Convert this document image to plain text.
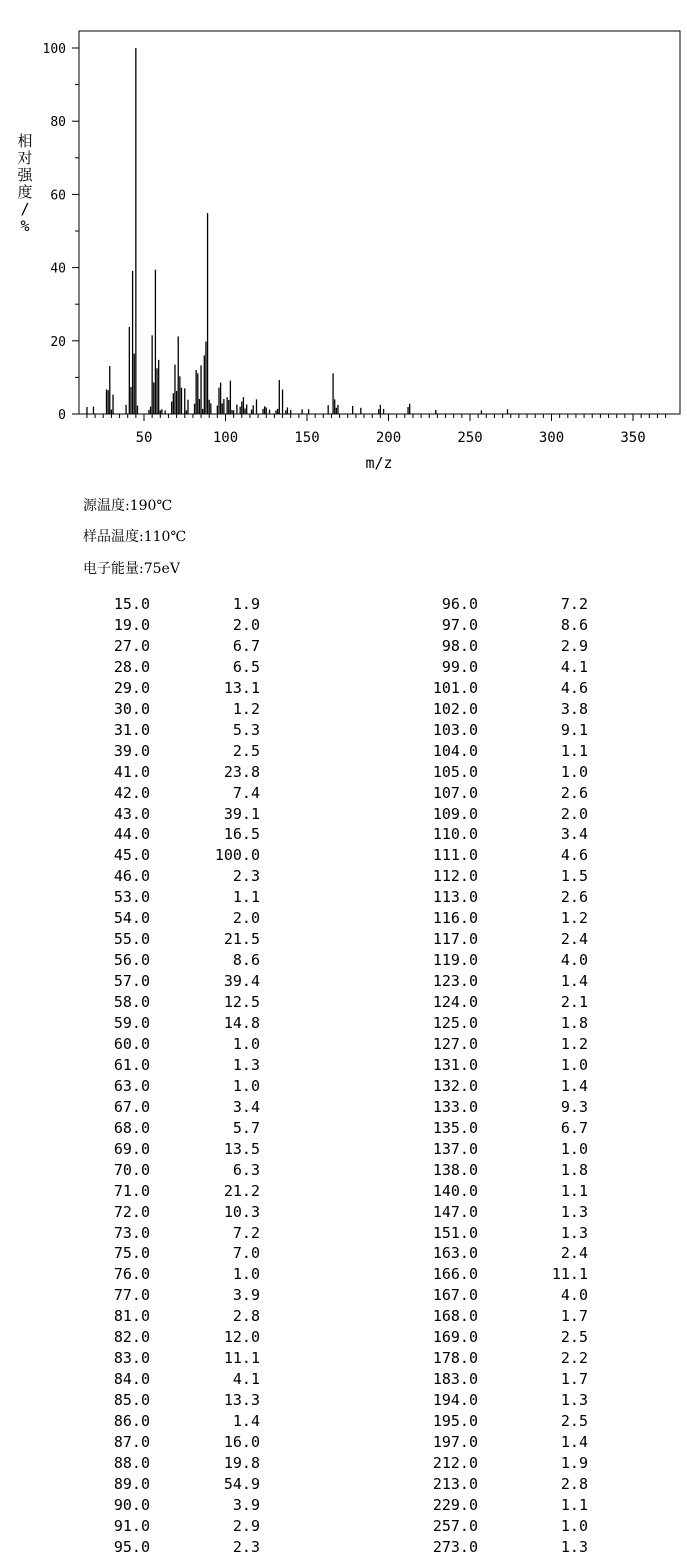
50	100	150	200	250	300	350
0
20
40
60
80
100
相
对
强
度
/
%
m/z
源温度:190℃
样品温度:110℃
电子能量:75eV
15.0	1.9	96.0	7.2
19.0	2.0	97.0	8.6
27.0	6.7	98.0	2.9
28.0	6.5	99.0	4.1
29.0	13.1	101.0	4.6
30.0	1.2	102.0	3.8
31.0	5.3	103.0	9.1
39.0	2.5	104.0	1.1
41.0	23.8	105.0	1.0
42.0	7.4	107.0	2.6
43.0	39.1	109.0	2.0
44.0	16.5	110.0	3.4
45.0	100.0	111.0	4.6
46.0	2.3	112.0	1.5
53.0	1.1	113.0	2.6
54.0	2.0	116.0	1.2
55.0	21.5	117.0	2.4
56.0	8.6	119.0	4.0
57.0	39.4	123.0	1.4
58.0	12.5	124.0	2.1
59.0	14.8	125.0	1.8
60.0	1.0	127.0	1.2
61.0	1.3	131.0	1.0
63.0	1.0	132.0	1.4
67.0	3.4	133.0	9.3
68.0	5.7	135.0	6.7
69.0	13.5	137.0	1.0
70.0	6.3	138.0	1.8
71.0	21.2	140.0	1.1
72.0	10.3	147.0	1.3
73.0	7.2	151.0	1.3
75.0	7.0	163.0	2.4
76.0	1.0	166.0	11.1
77.0	3.9	167.0	4.0
81.0	2.8	168.0	1.7
82.0	12.0	169.0	2.5
83.0	11.1	178.0	2.2
84.0	4.1	183.0	1.7
85.0	13.3	194.0	1.3
86.0	1.4	195.0	2.5
87.0	16.0	197.0	1.4
88.0	19.8	212.0	1.9
89.0	54.9	213.0	2.8
90.0	3.9	229.0	1.1
91.0	2.9	257.0	1.0
95.0	2.3	273.0	1.3
